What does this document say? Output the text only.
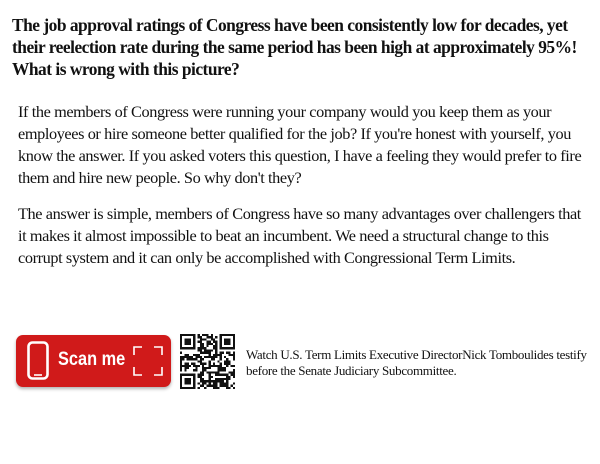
The job approval ratings of Congress have been consistently low for decades, yet their reelection rate during the same period has been high at approximately 95%! What is wrong with this picture?

If the members of Congress were running your company would you keep them as your employees or hire someone better qualified for the job? If you're honest with yourself, you know the answer. If you asked voters this question, I have a feeling they would prefer to fire them and hire new people. So why don't they?

The answer is simple, members of Congress have so many advantages over challengers that it makes it almost impossible to beat an incumbent. We need a structural change to this corrupt system and it can only be accomplished with Congressional Term Limits.

Scan me	Watch U.S. Term Limits Executive DirectorNick Tomboulides testify before the Senate Judiciary Subcommittee.
